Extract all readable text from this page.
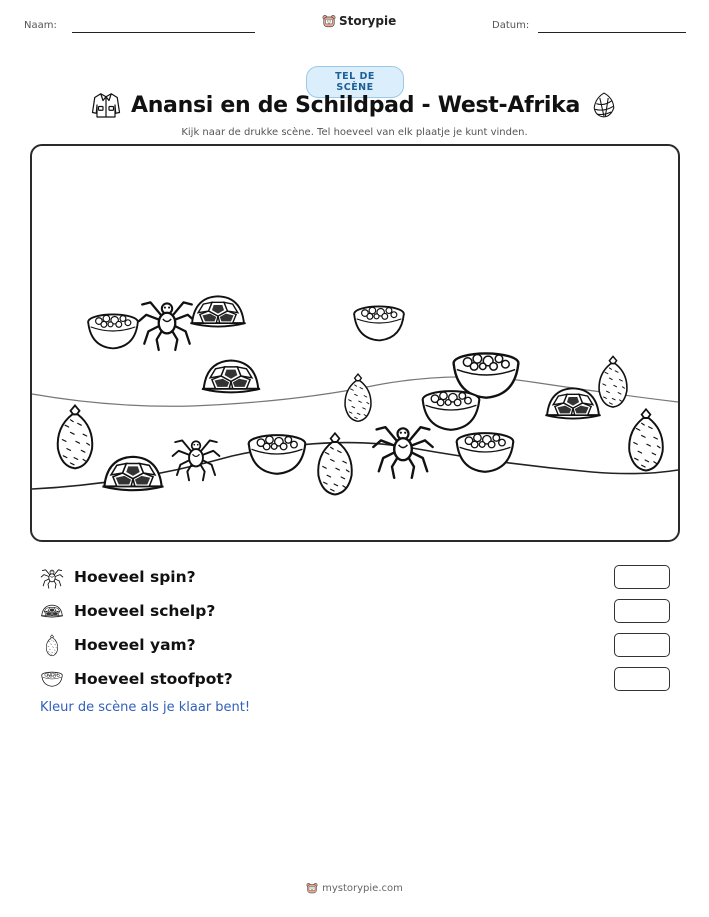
Naam:	Storypie	Datum:
TEL DE SCÈNE
Anansi en de Schildpad - West-Afrika
Kijk naar de drukke scène. Tel hoeveel van elk plaatje je kunt vinden.
Hoeveel spin?
Hoeveel schelp?
Hoeveel yam?
Hoeveel stoofpot?
Kleur de scène als je klaar bent!
mystorypie.com
